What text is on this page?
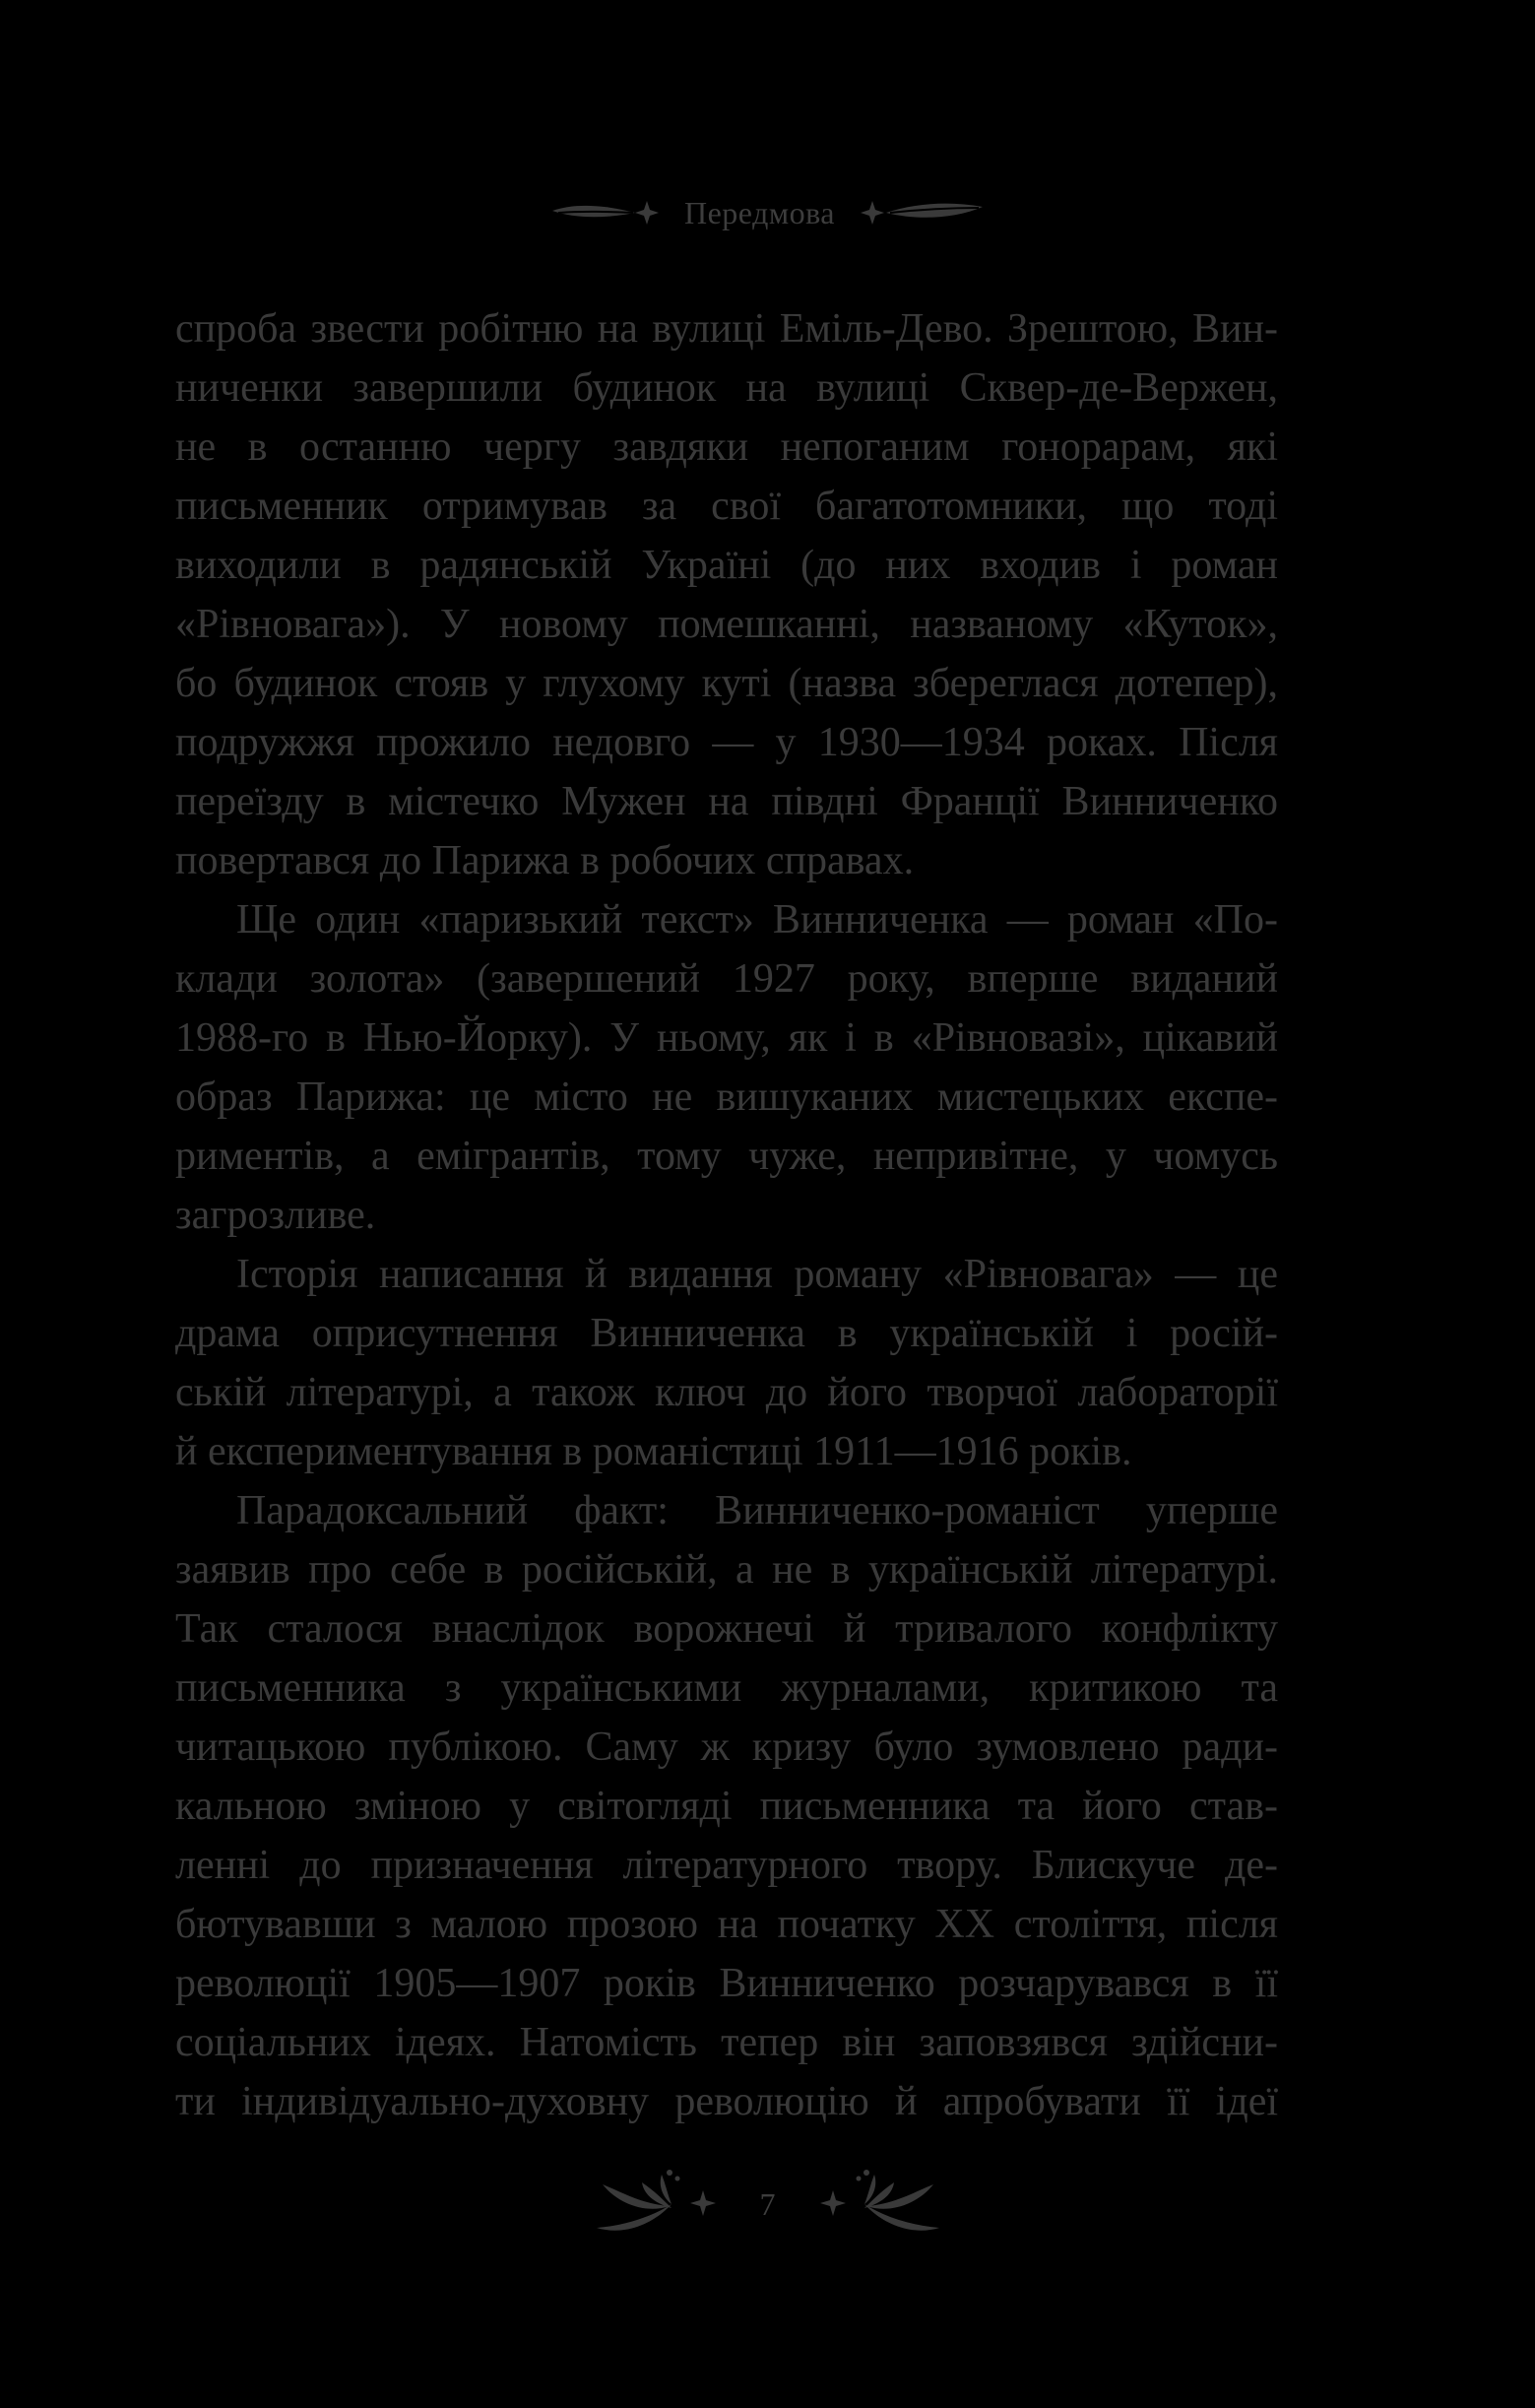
Передмова

спроба звести робітню на вулиці Еміль-Дево. Зрештою, Вин-
ниченки завершили будинок на вулиці Сквер-де-Вержен,
не в останню чергу завдяки непоганим гонорарам, які
письменник отримував за свої багатотомники, що тоді
виходили в радянській Україні (до них входив і роман
«Рівновага»). У новому помешканні, названому «Куток»,
бо будинок стояв у глухому куті (назва збереглася дотепер),
подружжя прожило недовго — у 1930—1934 роках. Після
переїзду в містечко Мужен на півдні Франції Винниченко
повертався до Парижа в робочих справах.

Ще один «паризький текст» Винниченка — роман «По-
клади золота» (завершений 1927 року, вперше виданий
1988-го в Нью-Йорку). У ньому, як і в «Рівновазі», цікавий
образ Парижа: це місто не вишуканих мистецьких експе-
риментів, а емігрантів, тому чуже, непривітне, у чомусь
загрозливе.

Історія написання й видання роману «Рівновага» — це
драма оприсутнення Винниченка в українській і росій-
ській літературі, а також ключ до його творчої лабораторії
й експериментування в романістиці 1911—1916 років.

Парадоксальний факт: Винниченко-романіст уперше
заявив про себе в російській, а не в українській літературі.
Так сталося внаслідок ворожнечі й тривалого конфлікту
письменника з українськими журналами, критикою та
читацькою публікою. Саму ж кризу було зумовлено ради-
кальною зміною у світогляді письменника та його став-
ленні до призначення літературного твору. Блискуче де-
бютувавши з малою прозою на початку XX століття, після
революції 1905—1907 років Винниченко розчарувався в її
соціальних ідеях. Натомість тепер він заповзявся здійсни-
ти індивідуально-духовну революцію й апробувати її ідеї

7
